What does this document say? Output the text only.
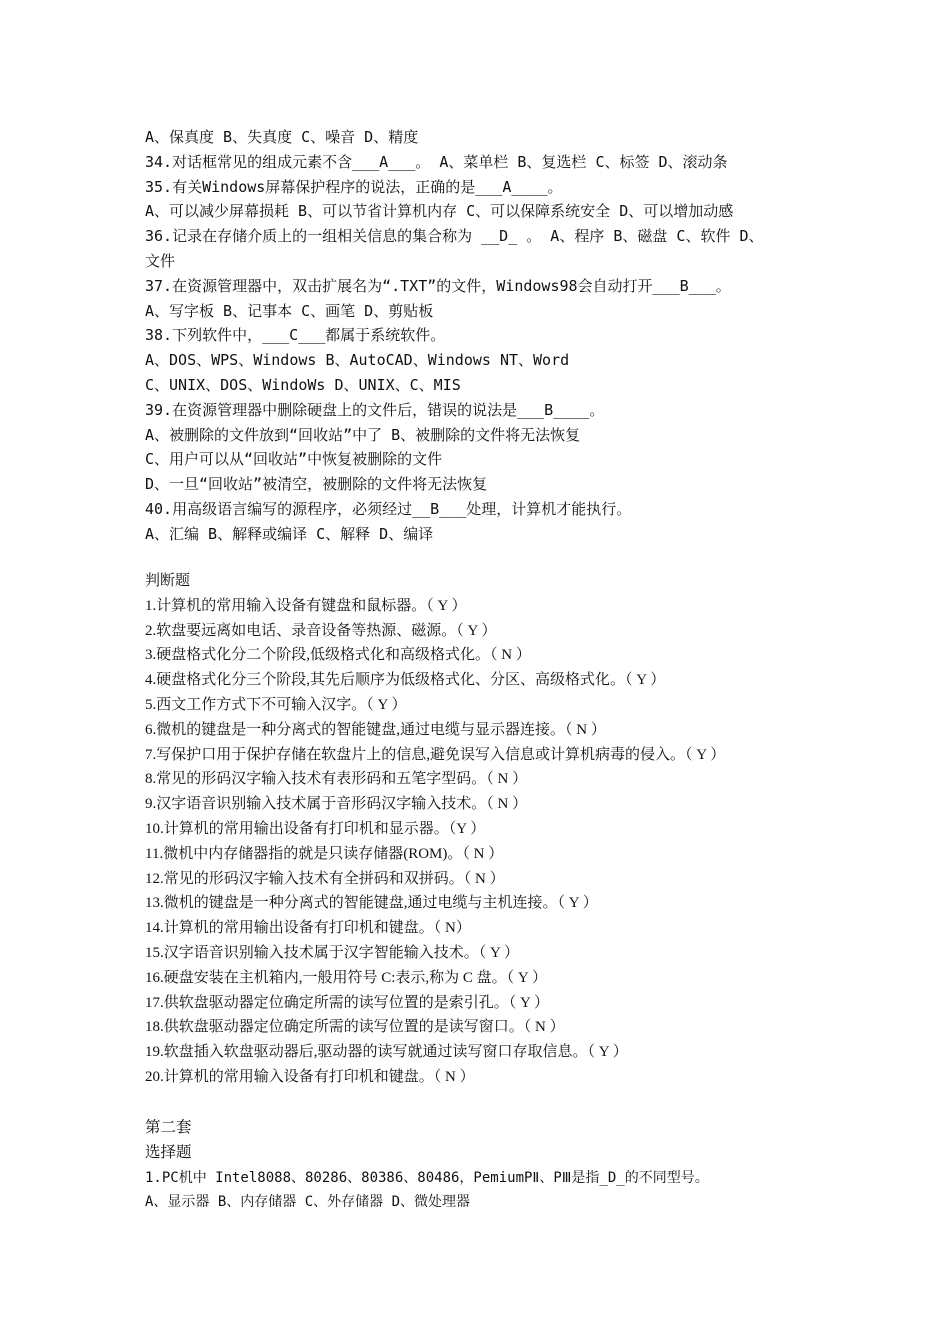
A、保真度 B、失真度 C、噪音 D、精度
34.对话框常见的组成元素不含___A___。 A、菜单栏 B、复选栏 C、标签 D、滚动条
35.有关Windows屏幕保护程序的说法，正确的是___A____。
A、可以减少屏幕损耗 B、可以节省计算机内存 C、可以保障系统安全 D、可以增加动感
36.记录在存储介质上的一组相关信息的集合称为 __D_ 。 A、程序 B、磁盘 C、软件 D、
文件
37.在资源管理器中，双击扩展名为“.TXT”的文件，Windows98会自动打开___B___。
A、写字板 B、记事本 C、画笔 D、剪贴板
38.下列软件中，___C___都属于系统软件。
A、DOS、WPS、Windows B、AutoCAD、Windows NT、Word
C、UNIX、DOS、WindoWs D、UNIX、C、MIS
39.在资源管理器中删除硬盘上的文件后，错误的说法是___B____。
A、被删除的文件放到“回收站”中了 B、被删除的文件将无法恢复
C、用户可以从“回收站”中恢复被删除的文件
D、一旦“回收站”被清空，被删除的文件将无法恢复
40.用高级语言编写的源程序，必须经过__B___处理，计算机才能执行。
A、汇编 B、解释或编译 C、解释 D、编译
判断题
1.计算机的常用输入设备有键盘和鼠标器。（ Y ）
2.软盘要远离如电话、录音设备等热源、磁源。（ Y ）
3.硬盘格式化分二个阶段,低级格式化和高级格式化。（ N ）
4.硬盘格式化分三个阶段,其先后顺序为低级格式化、分区、高级格式化。（ Y ）
5.西文工作方式下不可输入汉字。（ Y ）
6.微机的键盘是一种分离式的智能键盘,通过电缆与显示器连接。（ N ）
7.写保护口用于保护存储在软盘片上的信息,避免误写入信息或计算机病毒的侵入。（ Y ）
8.常见的形码汉字输入技术有表形码和五笔字型码。（ N ）
9.汉字语音识别输入技术属于音形码汉字输入技术。（ N ）
10.计算机的常用输出设备有打印机和显示器。（Y ）
11.微机中内存储器指的就是只读存储器(ROM)。（ N ）
12.常见的形码汉字输入技术有全拼码和双拼码。（ N ）
13.微机的键盘是一种分离式的智能键盘,通过电缆与主机连接。（ Y ）
14.计算机的常用输出设备有打印机和键盘。（ N）
15.汉字语音识别输入技术属于汉字智能输入技术。（ Y ）
16.硬盘安装在主机箱内,一般用符号 C:表示,称为 C 盘。（ Y ）
17.供软盘驱动器定位确定所需的读写位置的是索引孔。（ Y ）
18.供软盘驱动器定位确定所需的读写位置的是读写窗口。（ N ）
19.软盘插入软盘驱动器后,驱动器的读写就通过读写窗口存取信息。（ Y ）
20.计算机的常用输入设备有打印机和键盘。（ N ）
第二套
选择题
1.PC机中 Intel8088、80286、80386、80486，PemiumPⅡ、PⅢ是指_D_的不同型号。
A、显示器 B、内存储器 C、外存储器 D、微处理器
